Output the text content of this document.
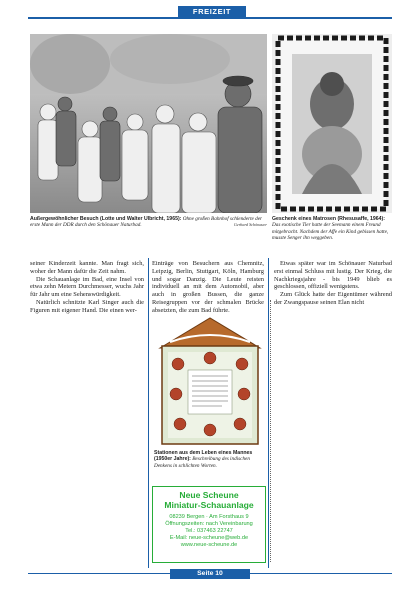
FREIZEIT
Außergewöhnlicher Besuch (Lotte und Walter Ulbricht, 1965): Ohne großen Bahnhof schlenderte der erste Mann der DDR durch den Schönauer Naturbad.	Gerhard Schönauer
Geschenk eines Matrosen (Rhesusaffe, 1964): Das exotische Tier hatte der Seemann einem Freund mitgebracht. Nachdem der Affe ein Kind gebissen hatte, musste Senger ihn weggeben.

seiner Kinderzeit kannte. Man fragt sich, woher der Mann dafür die Zeit nahm.

Die Schauanlage im Bad, eine Insel von etwa zehn Metern Durchmesser, wuchs Jahr für Jahr um eine Sehenswürdigkeit.

Natürlich schnitzte Karl Singer auch die Figuren mit eigener Hand. Die einen wer-

Einträge von Besuchern aus Chemnitz, Leipzig, Berlin, Stuttgart, Köln, Hamburg und sogar Danzig. Die Leute reisten individuell an mit dem Automobil, aber auch in großen Bussen, die ganze Reisegruppen vor der schmalen Brücke absetzten, die zum Bad führte.

Stationen aus dem Leben eines Mannes (1950er Jahre): Beschreibung des indischen Denkens in schlichten Worten.
Neue Scheune
Miniatur-Schauanlage
08239 Bergen · Am Forsthaus 9
Öffnungszeiten: nach Vereinbarung
Tel.: 037463 22747
E-Mail: neue-scheune@web.de
www.neue-scheune.de

Etwas später war im Schönauer Naturbad erst einmal Schluss mit lustig. Der Krieg, die Nachkriegsjahre - bis 1949 blieb es geschlossen, offiziell wenigstens.

Zum Glück hatte der Eigentümer während der Zwangspause seinen Elan nicht

Seite 10
